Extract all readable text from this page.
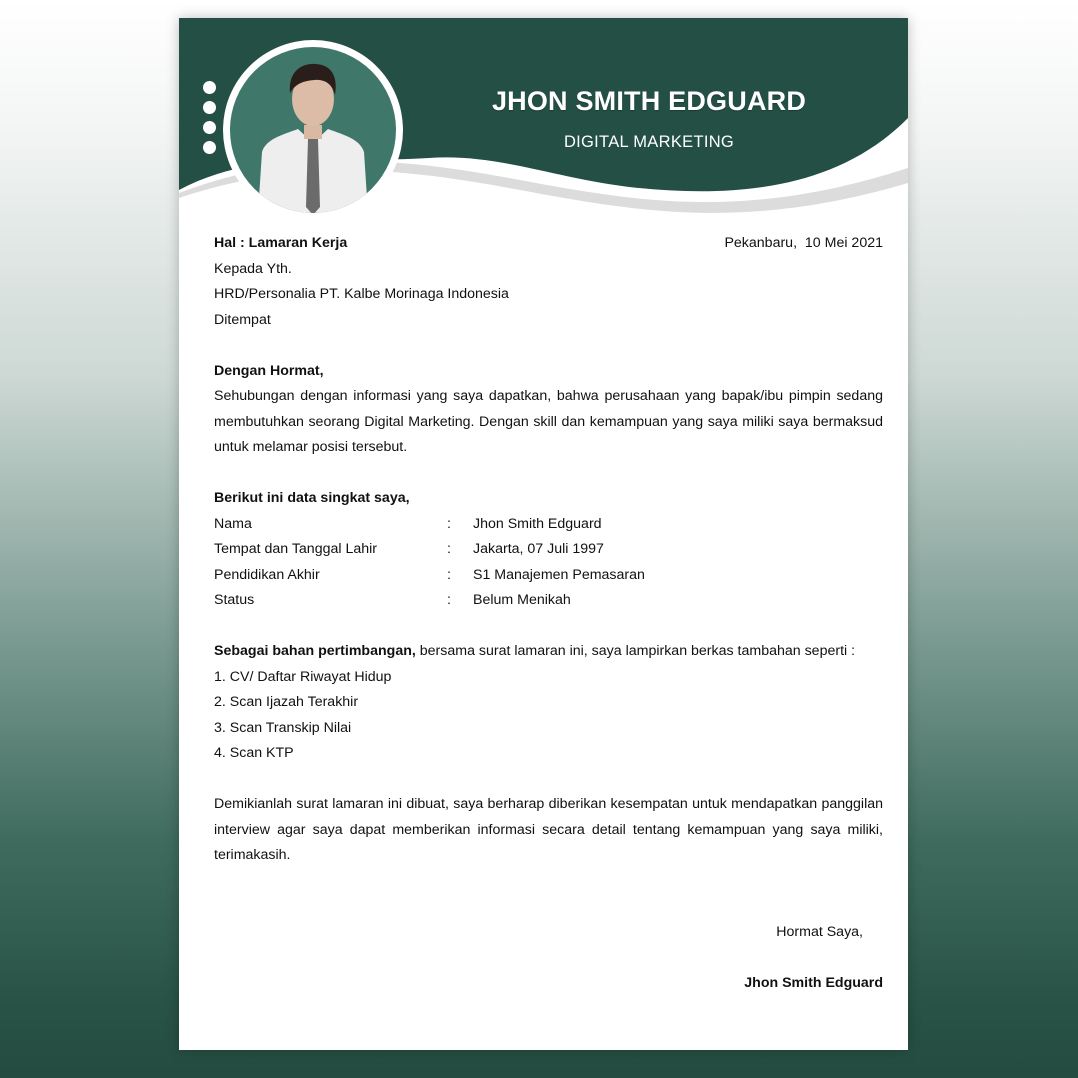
JHON SMITH EDGUARD
DIGITAL MARKETING
Hal : Lamaran Kerja	Pekanbaru,  10 Mei 2021
Kepada Yth.
HRD/Personalia PT. Kalbe Morinaga Indonesia
Ditempat
Dengan Hormat,
Sehubungan dengan informasi yang saya dapatkan, bahwa perusahaan yang bapak/ibu pimpin sedang membutuhkan seorang Digital Marketing. Dengan skill dan kemampuan yang saya miliki saya bermaksud untuk melamar posisi tersebut.
Berikut ini data singkat saya,
Nama	:	Jhon Smith Edguard
Tempat dan Tanggal Lahir	:	Jakarta, 07 Juli 1997
Pendidikan Akhir	:	S1 Manajemen Pemasaran
Status	:	Belum Menikah
Sebagai bahan pertimbangan, bersama surat lamaran ini, saya lampirkan berkas tambahan seperti :
1. CV/ Daftar Riwayat Hidup
2. Scan Ijazah Terakhir
3. Scan Transkip Nilai
4. Scan KTP
Demikianlah surat lamaran ini dibuat, saya berharap diberikan kesempatan untuk mendapatkan panggilan interview agar saya dapat memberikan informasi secara detail tentang kemampuan yang saya miliki, terimakasih.
Hormat Saya,
Jhon Smith Edguard
